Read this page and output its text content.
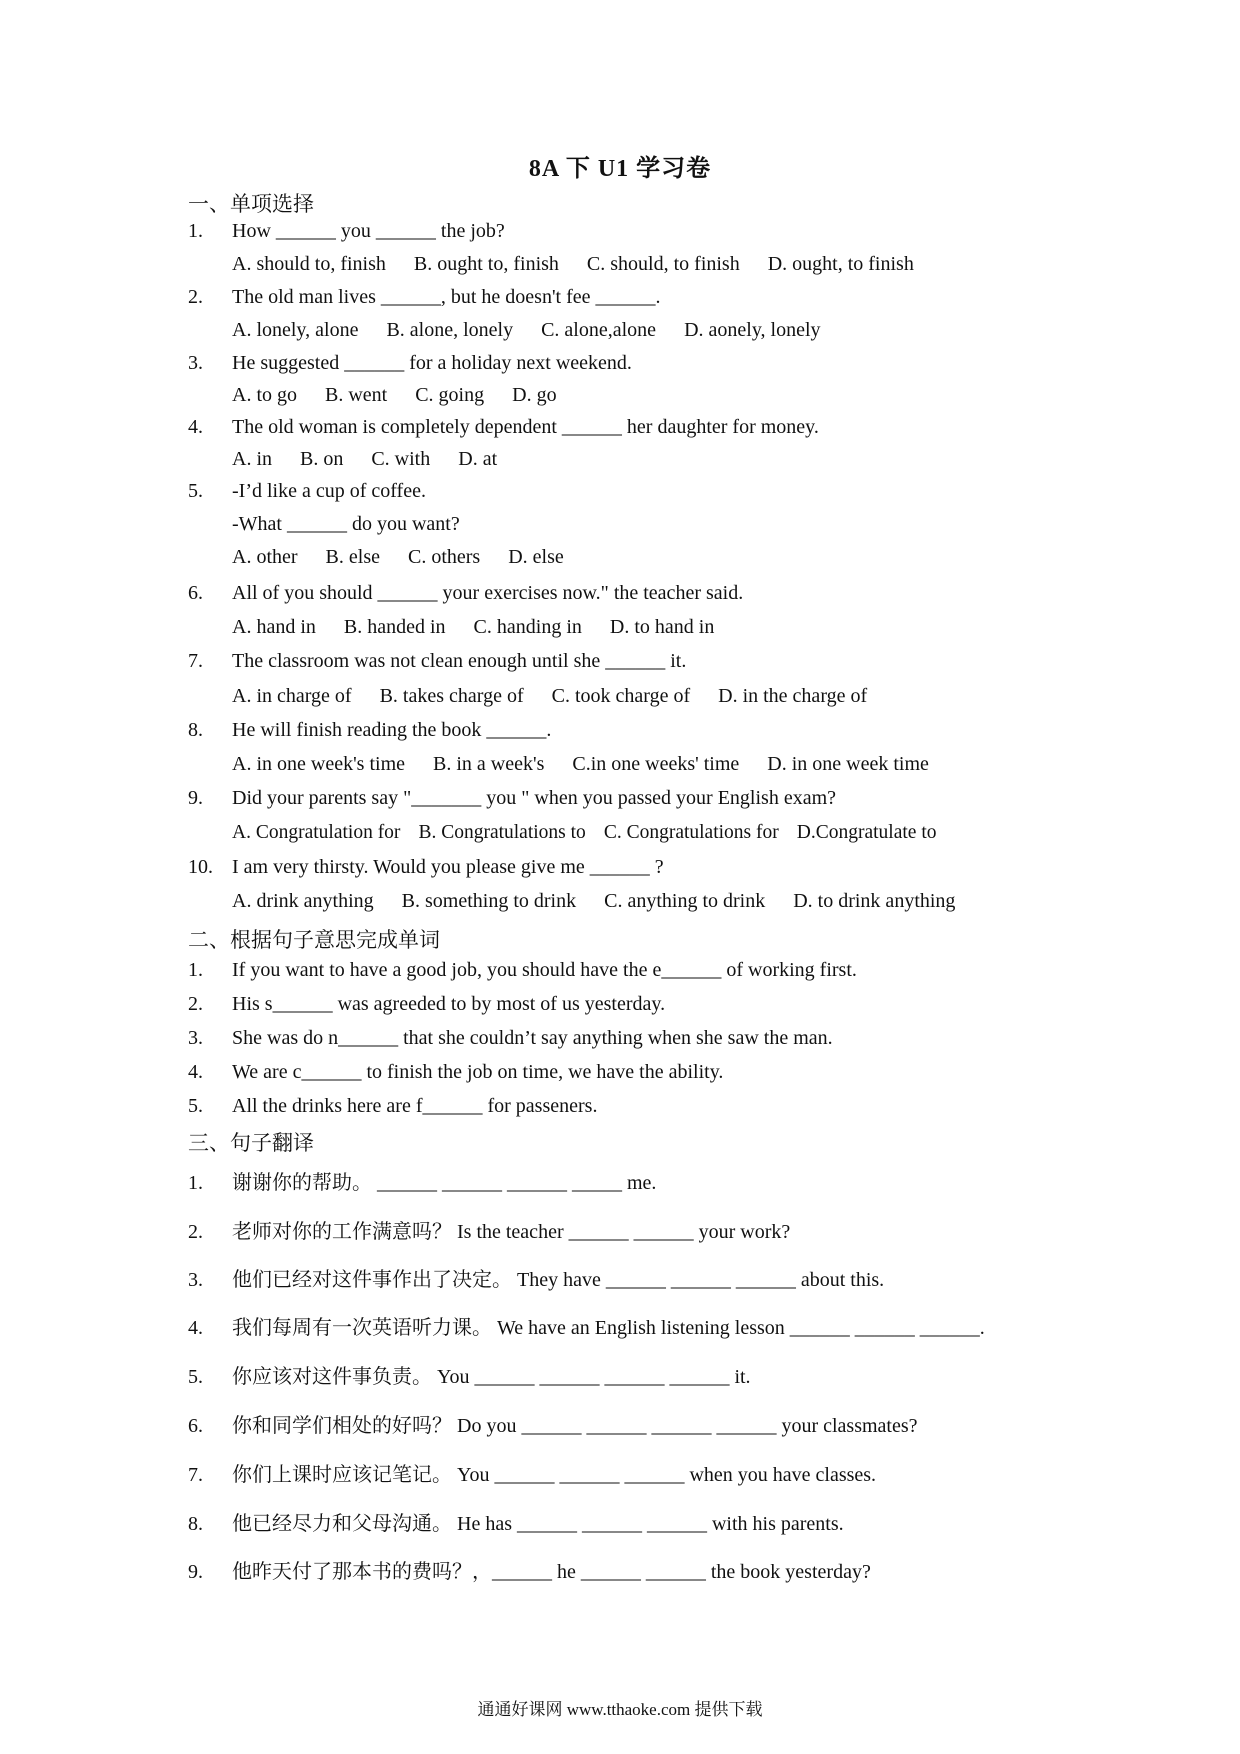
8A 下 U1 学习卷
一、单项选择
1. How ______ you ______ the job?
A. should to, finish B. ought to, finish C. should, to finish D. ought, to finish
2. The old man lives ______, but he doesn't fee ______.
A. lonely, alone B. alone, lonely C. alone,alone D. aonely, lonely
3. He suggested ______ for a holiday next weekend.
A. to go B. went C. going D. go
4. The old woman is completely dependent ______ her daughter for money.
A. in B. on C. with D. at
5. -I’d like a cup of coffee.
-What ______ do you want?
A. other B. else C. others D. else
6. All of you should ______ your exercises now." the teacher said.
A. hand in B. handed in C. handing in D. to hand in
7. The classroom was not clean enough until she ______ it.
A. in charge of B. takes charge of C. took charge of D. in the charge of
8. He will finish reading the book ______.
A. in one week's time B. in a week's C.in one weeks' time D. in one week time
9. Did your parents say "_______ you " when you passed your English exam?
A. Congratulation for B. Congratulations to C. Congratulations for D.Congratulate to
10. I am very thirsty. Would you please give me ______ ?
A. drink anything B. something to drink C. anything to drink D. to drink anything
二、根据句子意思完成单词
1. If you want to have a good job, you should have the e______ of working first.
2. His s______ was agreeded to by most of us yesterday.
3. She was do n______ that she couldn’t say anything when she saw the man.
4. We are c______ to finish the job on time, we have the ability.
5. All the drinks here are f______ for passeners.
三、句子翻译
1. 谢谢你的帮助。 ______ ______ ______ _____ me.
2. 老师对你的工作满意吗？ Is the teacher ______ ______ your work?
3. 他们已经对这件事作出了决定。 They have ______ ______ ______ about this.
4. 我们每周有一次英语听力课。 We have an English listening lesson ______ ______ ______.
5. 你应该对这件事负责。 You ______ ______ ______ ______ it.
6. 你和同学们相处的好吗？ Do you ______ ______ ______ ______ your classmates?
7. 你们上课时应该记笔记。 You ______ ______ ______ when you have classes.
8. 他已经尽力和父母沟通。 He has ______ ______ ______ with his parents.
9. 他昨天付了那本书的费吗？，______ he ______ ______ the book yesterday?
通通好课网 www.tthaoke.com 提供下载
